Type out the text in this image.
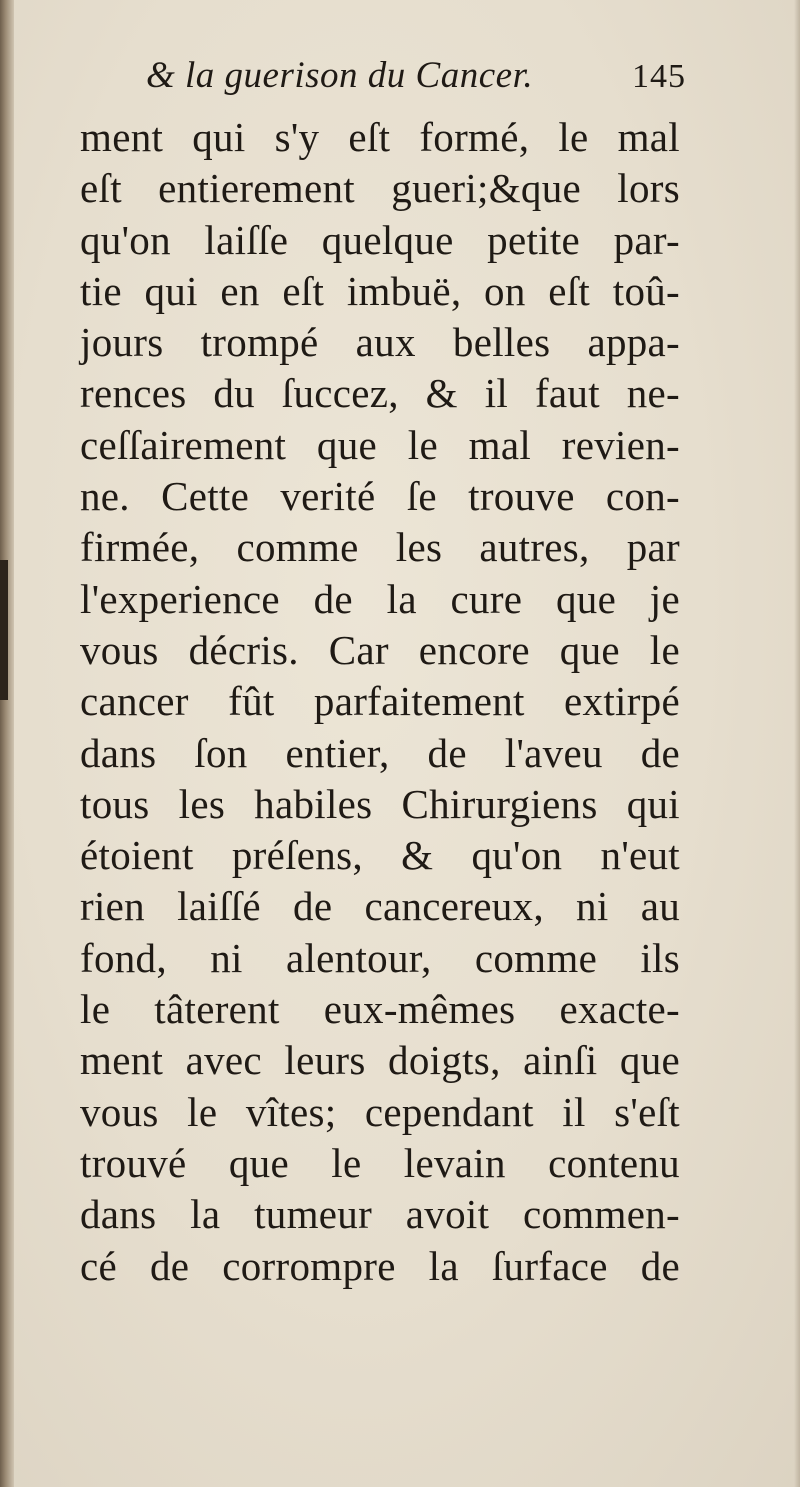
& la guerison du Cancer.	145
ment qui s'y eſt formé, le mal
eſt entierement gueri;&que lors
qu'on laiſſe quelque petite par-
tie qui en eſt imbuë, on eſt toû-
jours trompé aux belles appa-
rences du ſuccez, & il faut ne-
ceſſairement que le mal revien-
ne. Cette verité ſe trouve con-
firmée, comme les autres, par
l'experience de la cure que je
vous décris. Car encore que le
cancer fût parfaitement extirpé
dans ſon entier, de l'aveu de
tous les habiles Chirurgiens qui
étoient préſens, & qu'on n'eut
rien laiſſé de cancereux, ni au
fond, ni alentour, comme ils
le tâterent eux-mêmes exacte-
ment avec leurs doigts, ainſi que
vous le vîtes; cependant il s'eſt
trouvé que le levain contenu
dans la tumeur avoit commen-
cé de corrompre la ſurface de
